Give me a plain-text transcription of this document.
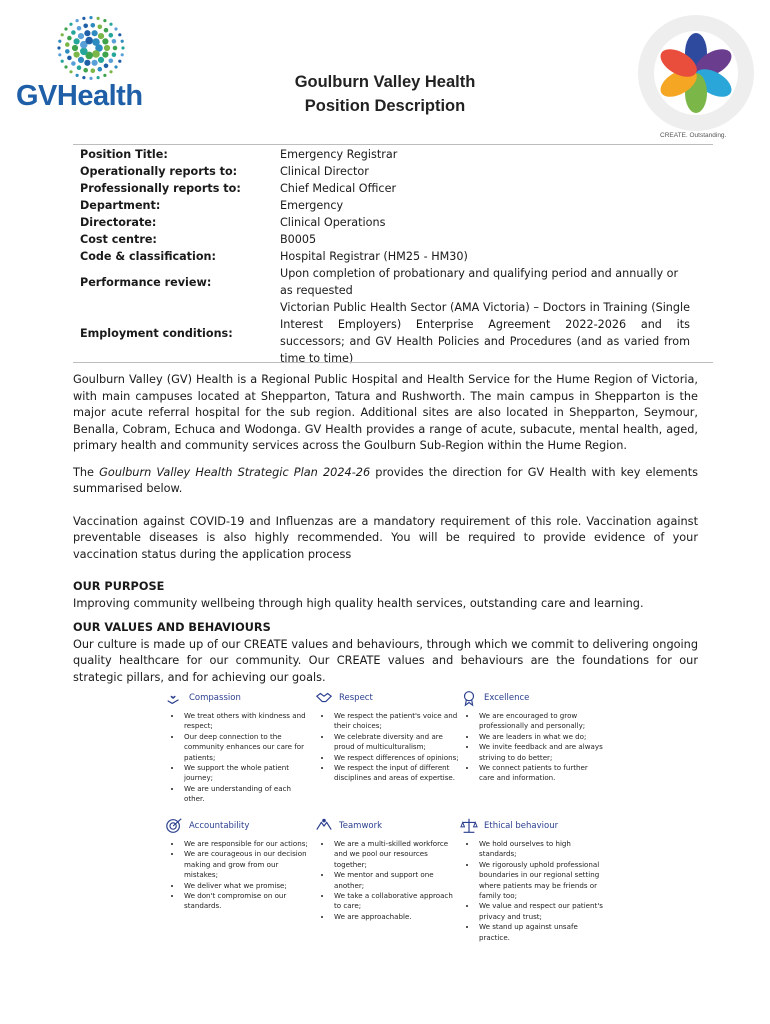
GVHealth	Goulburn Valley Health
Position Description
CREATE. Outstanding.
Position Title:	Emergency Registrar
Operationally reports to:	Clinical Director
Professionally reports to:	Chief Medical Officer
Department:	Emergency
Directorate:	Clinical Operations
Cost centre:	B0005
Code & classification:	Hospital Registrar (HM25 - HM30)
Performance review:
Upon completion of probationary and qualifying period and annually or as requested
Employment conditions:
Victorian Public Health Sector (AMA Victoria) – Doctors in Training (Single Interest Employers) Enterprise Agreement 2022-2026 and its successors; and GV Health Policies and Procedures (and as varied from time to time)

Goulburn Valley (GV) Health is a Regional Public Hospital and Health Service for the Hume Region of Victoria, with main campuses located at Shepparton, Tatura and Rushworth. The main campus in Shepparton is the major acute referral hospital for the sub region. Additional sites are also located in Shepparton, Seymour, Benalla, Cobram, Echuca and Wodonga. GV Health provides a range of acute, subacute, mental health, aged, primary health and community services across the Goulburn Sub-Region within the Hume Region.

The Goulburn Valley Health Strategic Plan 2024-26 provides the direction for GV Health with key elements summarised below.

Vaccination against COVID-19 and Influenzas are a mandatory requirement of this role. Vaccination against preventable diseases is also highly recommended. You will be required to provide evidence of your vaccination status during the application process

OUR PURPOSE

Improving community wellbeing through high quality health services, outstanding care and learning.

OUR VALUES AND BEHAVIOURS

Our culture is made up of our CREATE values and behaviours, through which we commit to delivering ongoing quality healthcare for our community. Our CREATE values and behaviours are the foundations for our strategic pillars, and for achieving our goals.

Compassion
• We treat others with kindness and respect;
• Our deep connection to the community enhances our care for patients;
• We support the whole patient journey;
• We are understanding of each other.
Respect
• We respect the patient's voice and their choices;
• We celebrate diversity and are proud of multiculturalism;
• We respect differences of opinions;
• We respect the input of different disciplines and areas of expertise.
Excellence
• We are encouraged to grow professionally and personally;
• We are leaders in what we do;
• We invite feedback and are always striving to do better;
• We connect patients to further care and information.
Accountability
• We are responsible for our actions;
• We are courageous in our decision making and grow from our mistakes;
• We deliver what we promise;
• We don't compromise on our standards.
Teamwork
• We are a multi-skilled workforce and we pool our resources together;
• We mentor and support one another;
• We take a collaborative approach to care;
• We are approachable.
Ethical behaviour
• We hold ourselves to high standards;
• We rigorously uphold professional boundaries in our regional setting where patients may be friends or family too;
• We value and respect our patient's privacy and trust;
• We stand up against unsafe practice.
